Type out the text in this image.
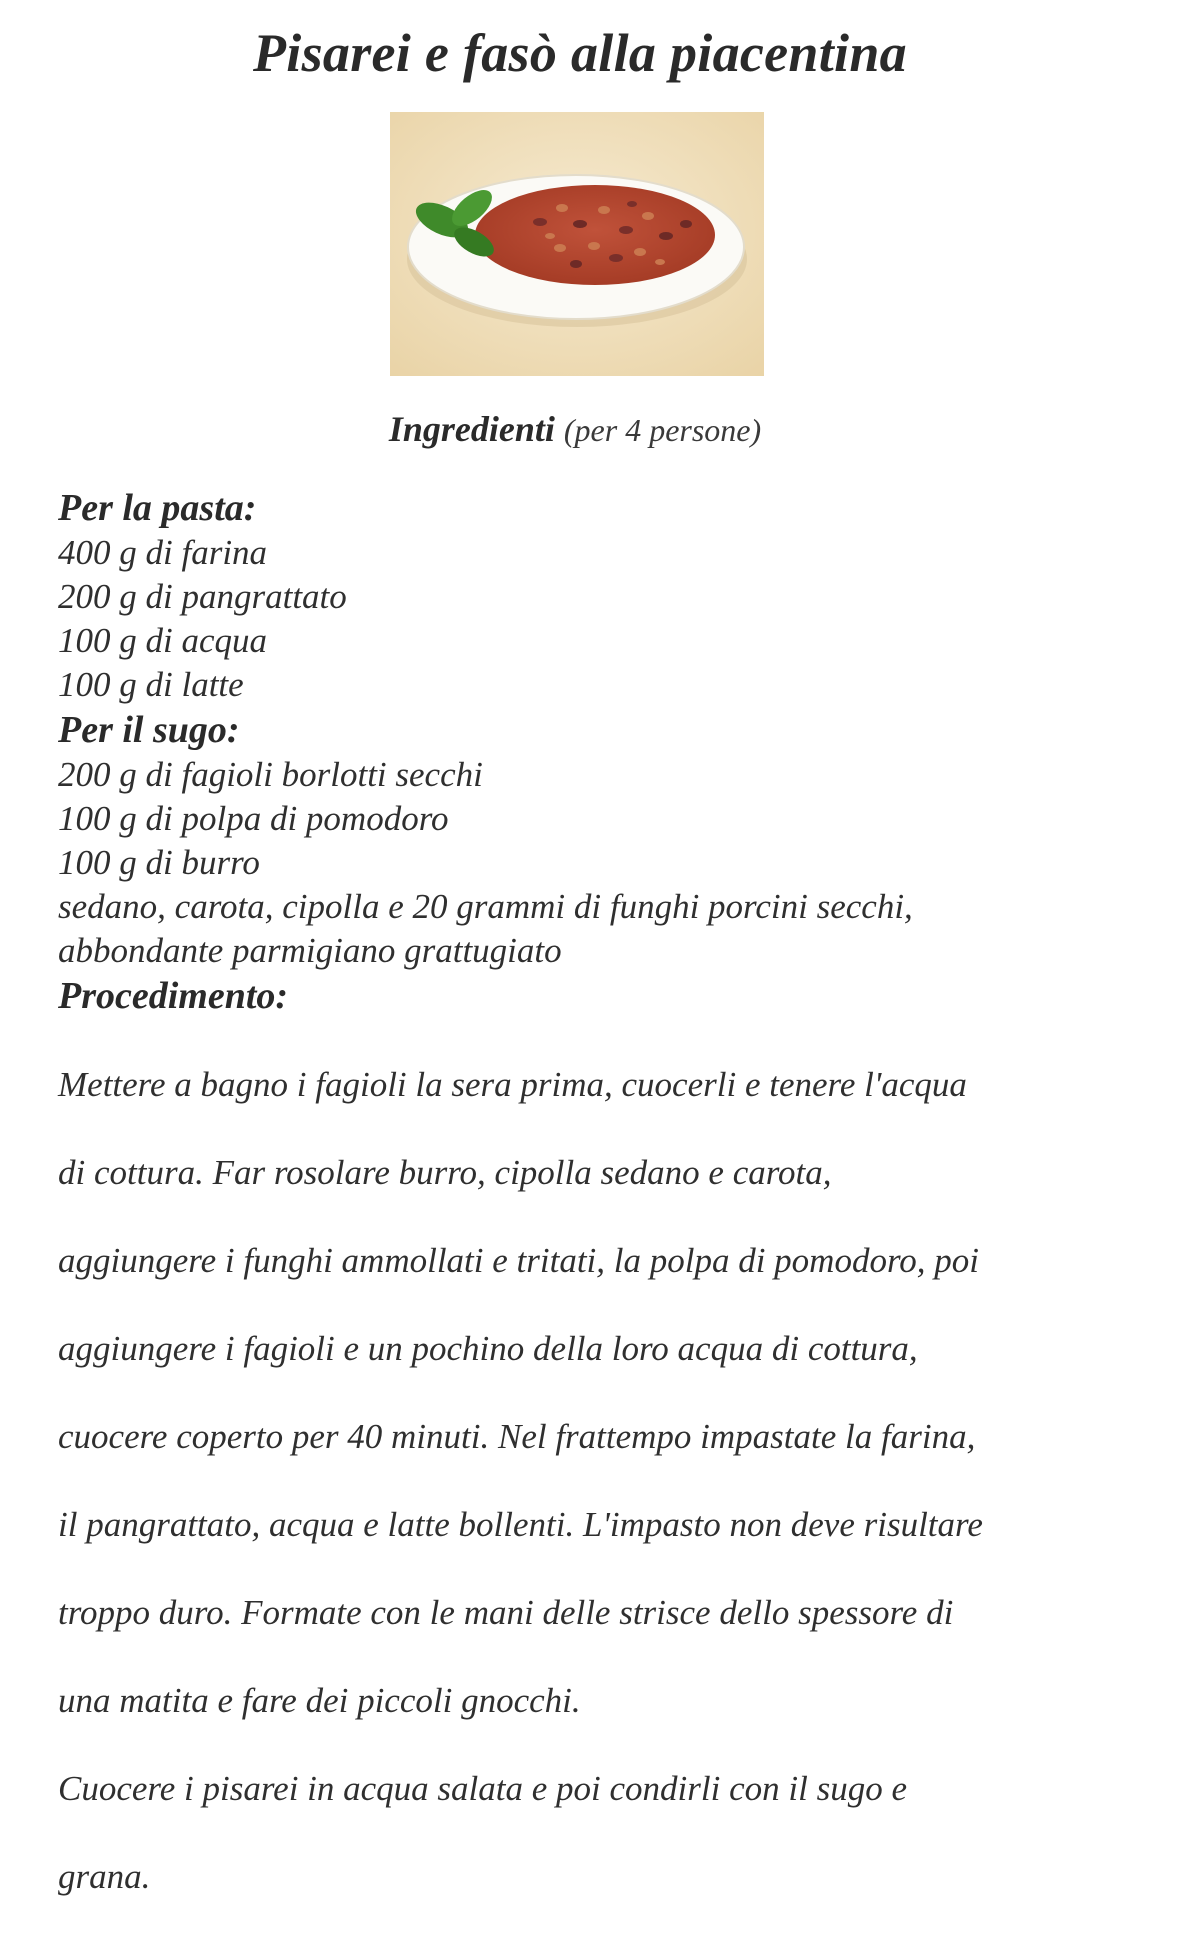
Pisarei e fasò alla piacentina

Ingredienti (per 4 persone)

Per la pasta:

400 g di farina
200 g di pangrattato
100 g di acqua
100 g di latte

Per il sugo:

200 g di fagioli borlotti secchi
100 g di polpa di pomodoro
100 g di burro
sedano, carota, cipolla e 20 grammi di funghi porcini secchi,
abbondante parmigiano grattugiato

Procedimento:

Mettere a bagno i fagioli la sera prima, cuocerli e tenere l'acqua

di cottura. Far rosolare burro, cipolla sedano e carota,

aggiungere i funghi ammollati e tritati, la polpa di pomodoro, poi

aggiungere i fagioli e un pochino della loro acqua di cottura,

cuocere coperto per 40 minuti. Nel frattempo impastate la farina,

il pangrattato, acqua e latte bollenti. L'impasto non deve risultare

troppo duro. Formate con le mani delle strisce dello spessore di

una matita e fare dei piccoli gnocchi.

Cuocere i pisarei in acqua salata e poi condirli con il sugo e

grana.
